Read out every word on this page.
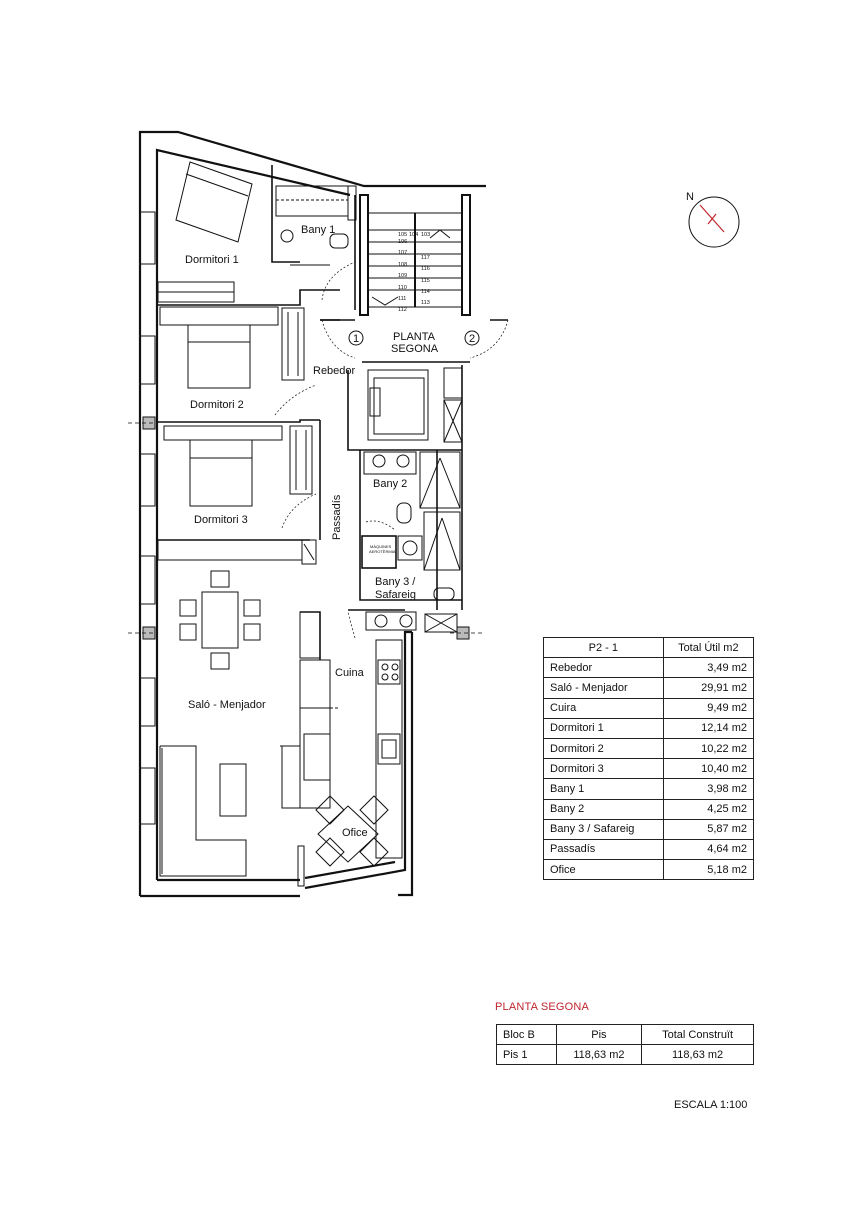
Bany 1
Dormitori 1
Rebedor
Dormitori 2
Dormitori 3	Passadís
Bany 2
Bany 3 /
Safareig
Cuina
Saló - Menjador
Ofice
PLANTA
SEGONA
N
1	2
MÀQUINES
AEROTÈRMIA
105 104 103
106
117
107
116
108
115
109
114
110
113
111
112
P2 - 1	Total Útil m2
Rebedor	3,49 m2
Saló - Menjador	29,91 m2
Cuira	9,49 m2
Dormitori 1	12,14 m2
Dormitori 2	10,22 m2
Dormitori 3	10,40 m2
Bany 1	3,98 m2
Bany 2	4,25 m2
Bany 3 / Safareig	5,87 m2
Passadís	4,64 m2
Ofice	5,18 m2
PLANTA SEGONA
Bloc B	Pis	Total Construït
Pis 1	118,63 m2	118,63 m2
ESCALA 1:100
